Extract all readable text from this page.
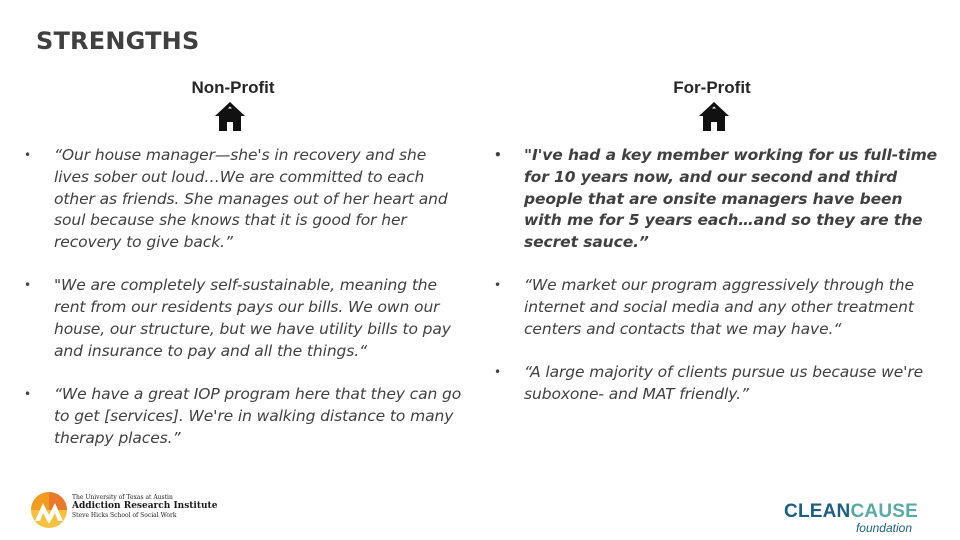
STRENGTHS
Non-Profit
• “Our house manager—she's in recovery and she lives sober out loud…We are committed to each other as friends. She manages out of her heart and soul because she knows that it is good for her recovery to give back.”
• "We are completely self-sustainable, meaning the rent from our residents pays our bills. We own our house, our structure, but we have utility bills to pay and insurance to pay and all the things.“
• “We have a great IOP program here that they can go to get [services]. We're in walking distance to many therapy places.”
For-Profit
• "I've had a key member working for us full-time for 10 years now, and our second and third people that are onsite managers have been with me for 5 years each…and so they are the secret sauce.”
• “We market our program aggressively through the internet and social media and any other treatment centers and contacts that we may have.“
• “A large majority of clients pursue us because we're suboxone- and MAT friendly.”
The University of Texas at Austin
Addiction Research Institute
Steve Hicks School of Social Work	CLEANCAUSE
foundation
